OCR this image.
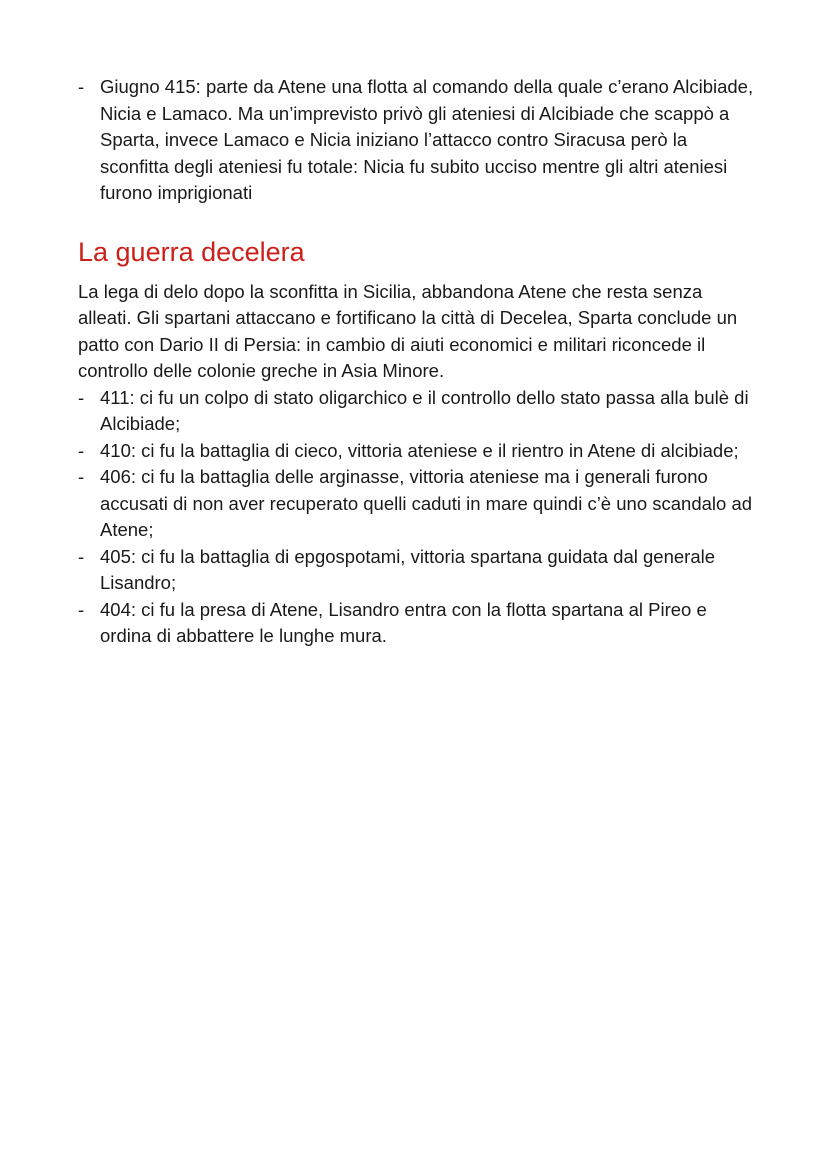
- Giugno 415: parte da Atene una flotta al comando della quale c’erano Alcibiade, Nicia e Lamaco. Ma un’imprevisto privò gli ateniesi di Alcibiade che scappò a Sparta, invece Lamaco e Nicia iniziano l’attacco contro Siracusa però la sconfitta degli ateniesi fu totale: Nicia fu subito ucciso mentre gli altri ateniesi furono imprigionati
La guerra decelera

La lega di delo dopo la sconfitta in Sicilia, abbandona Atene che resta senza alleati. Gli spartani attaccano e fortificano la città di Decelea, Sparta conclude un patto con Dario II di Persia: in cambio di aiuti economici e militari riconcede il controllo delle colonie greche in Asia Minore.

- 411: ci fu un colpo di stato oligarchico e il controllo dello stato passa alla bulè di Alcibiade;
- 410: ci fu la battaglia di cieco, vittoria ateniese e il rientro in Atene di alcibiade;
- 406: ci fu la battaglia delle arginasse, vittoria ateniese ma i generali furono accusati di non aver recuperato quelli caduti in mare quindi c’è uno scandalo ad Atene;
- 405: ci fu la battaglia di epgospotami, vittoria spartana guidata dal generale Lisandro;
- 404: ci fu la presa di Atene, Lisandro entra con la flotta spartana al Pireo e ordina di abbattere le lunghe mura.
